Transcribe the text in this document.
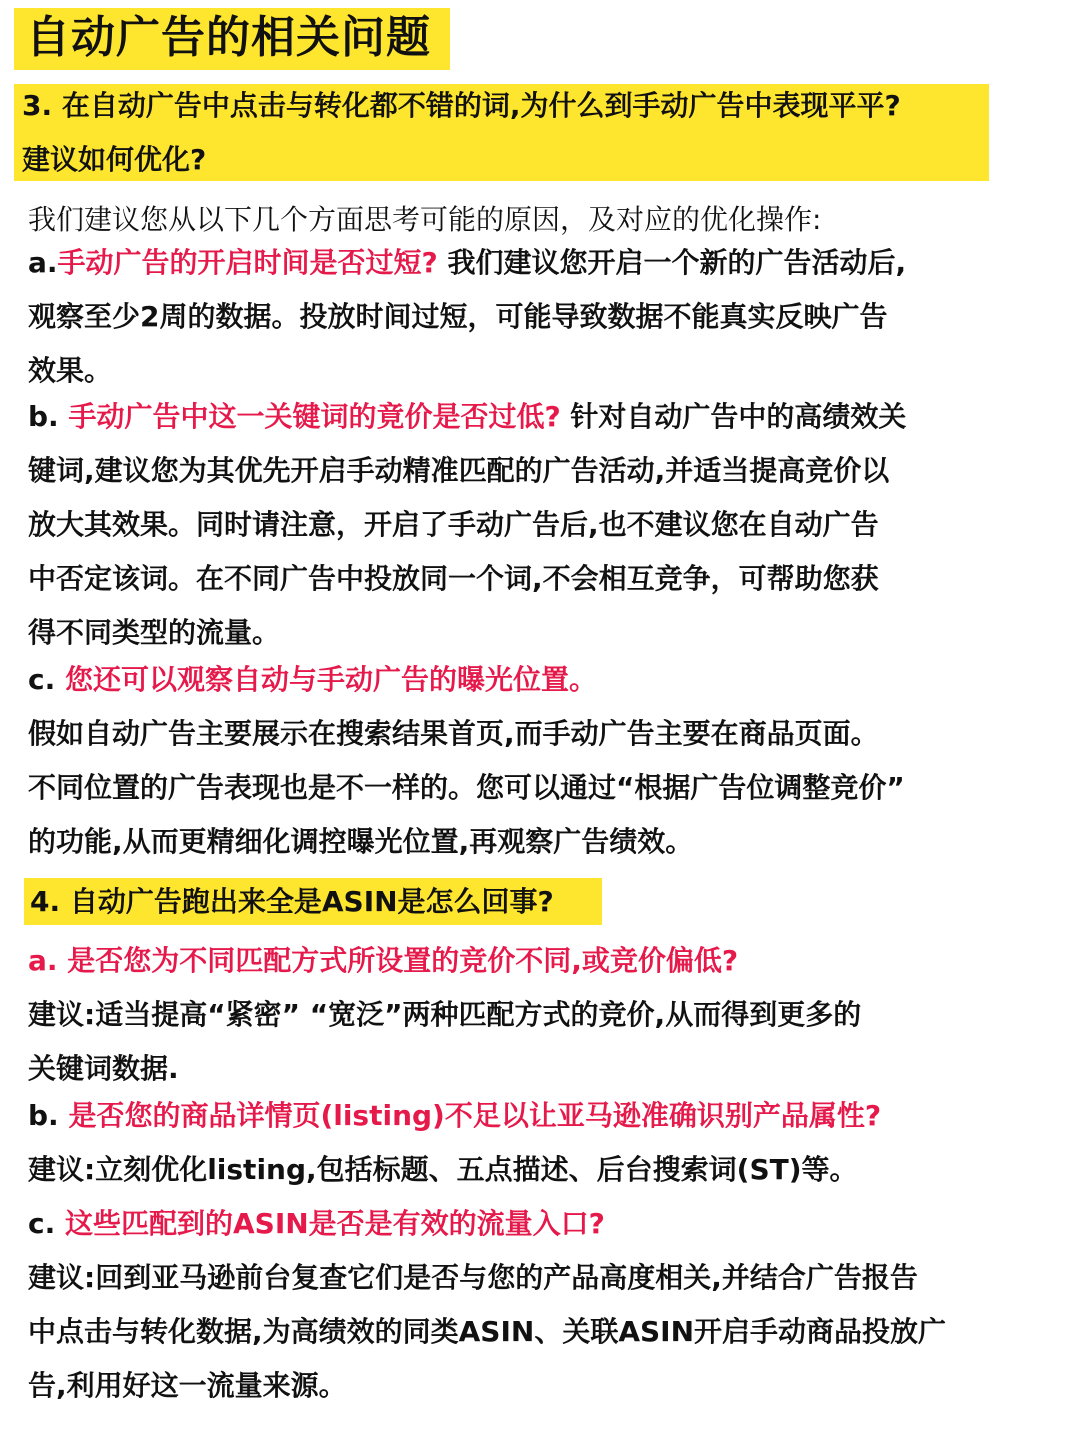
自动广告的相关问题
3. 在自动广告中点击与转化都不错的词,为什么到手动广告中表现平平?
建议如何优化?
我们建议您从以下几个方面思考可能的原因，及对应的优化操作:
a.手动广告的开启时间是否过短? 我们建议您开启一个新的广告活动后,
观察至少2周的数据。投放时间过短，可能导致数据不能真实反映广告
效果。
b. 手动广告中这一关键词的竟价是否过低? 针对自动广告中的高绩效关
键词,建议您为其优先开启手动精准匹配的广告活动,并适当提高竞价以
放大其效果。同时请注意，开启了手动广告后,也不建议您在自动广告
中否定该词。在不同广告中投放同一个词,不会相互竞争，可帮助您获
得不同类型的流量。
c. 您还可以观察自动与手动广告的曝光位置。
假如自动广告主要展示在搜索结果首页,而手动广告主要在商品页面。
不同位置的广告表现也是不一样的。您可以通过“根据广告位调整竞价”
的功能,从而更精细化调控曝光位置,再观察广告绩效。
4. 自动广告跑出来全是ASIN是怎么回事?
a. 是否您为不同匹配方式所设置的竞价不同,或竞价偏低?
建议:适当提高“紧密” “宽泛”两种匹配方式的竞价,从而得到更多的
关键词数据.
b. 是否您的商品详情页(listing)不足以让亚马逊准确识别产品属性?
建议:立刻优化listing,包括标题、五点描述、后台搜索词(ST)等。
c. 这些匹配到的ASIN是否是有效的流量入口?
建议:回到亚马逊前台复查它们是否与您的产品高度相关,并结合广告报告
中点击与转化数据,为高绩效的同类ASIN、关联ASIN开启手动商品投放广
告,利用好这一流量来源。
